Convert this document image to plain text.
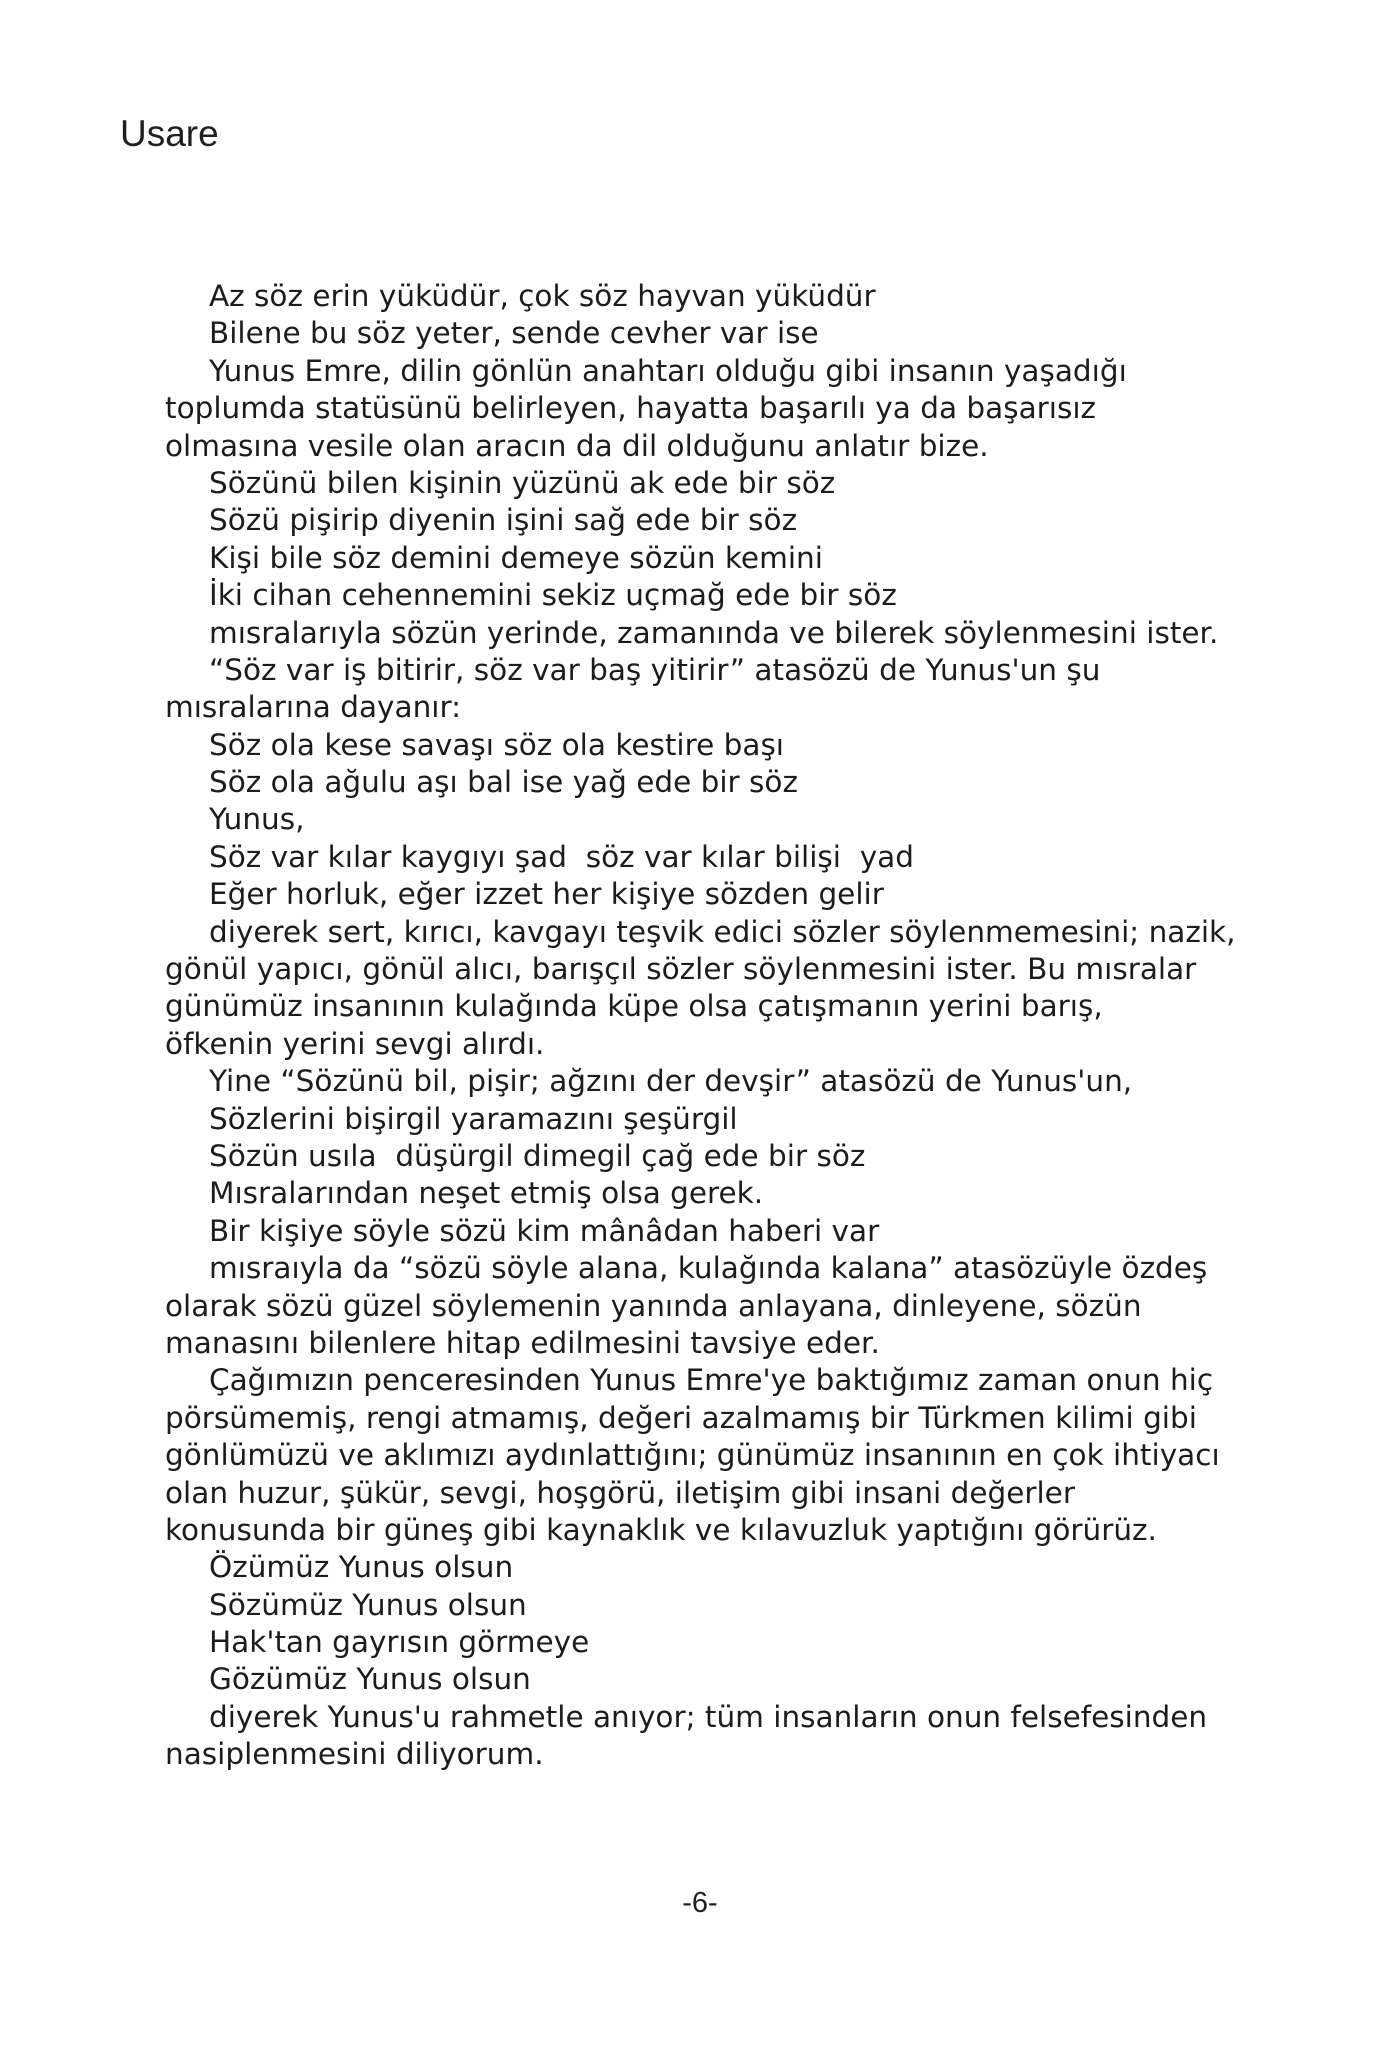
Usare
Az söz erin yüküdür, çok söz hayvan yüküdür
Bilene bu söz yeter, sende cevher var ise
Yunus Emre, dilin gönlün anahtarı olduğu gibi insanın yaşadığı
toplumda statüsünü belirleyen, hayatta başarılı ya da başarısız
olmasına vesile olan aracın da dil olduğunu anlatır bize.
Sözünü bilen kişinin yüzünü ak ede bir söz
Sözü pişirip diyenin işini sağ ede bir söz
Kişi bile söz demini demeye sözün kemini
İki cihan cehennemini sekiz uçmağ ede bir söz
mısralarıyla sözün yerinde, zamanında ve bilerek söylenmesini ister.
“Söz var iş bitirir, söz var baş yitirir” atasözü de Yunus'un şu
mısralarına dayanır:
Söz ola kese savaşı söz ola kestire başı
Söz ola ağulu aşı bal ise yağ ede bir söz
Yunus,
Söz var kılar kaygıyı şad  söz var kılar bilişi  yad
Eğer horluk, eğer izzet her kişiye sözden gelir
diyerek sert, kırıcı, kavgayı teşvik edici sözler söylenmemesini; nazik,
gönül yapıcı, gönül alıcı, barışçıl sözler söylenmesini ister. Bu mısralar
günümüz insanının kulağında küpe olsa çatışmanın yerini barış,
öfkenin yerini sevgi alırdı.
Yine “Sözünü bil, pişir; ağzını der devşir” atasözü de Yunus'un,
Sözlerini bişirgil yaramazını şeşürgil
Sözün usıla  düşürgil dimegil çağ ede bir söz
Mısralarından neşet etmiş olsa gerek.
Bir kişiye söyle sözü kim mânâdan haberi var
mısraıyla da “sözü söyle alana, kulağında kalana” atasözüyle özdeş
olarak sözü güzel söylemenin yanında anlayana, dinleyene, sözün
manasını bilenlere hitap edilmesini tavsiye eder.
Çağımızın penceresinden Yunus Emre'ye baktığımız zaman onun hiç
pörsümemiş, rengi atmamış, değeri azalmamış bir Türkmen kilimi gibi
gönlümüzü ve aklımızı aydınlattığını; günümüz insanının en çok ihtiyacı
olan huzur, şükür, sevgi, hoşgörü, iletişim gibi insani değerler
konusunda bir güneş gibi kaynaklık ve kılavuzluk yaptığını görürüz.
Özümüz Yunus olsun
Sözümüz Yunus olsun
Hak'tan gayrısın görmeye
Gözümüz Yunus olsun
diyerek Yunus'u rahmetle anıyor; tüm insanların onun felsefesinden
nasiplenmesini diliyorum.
-6-
